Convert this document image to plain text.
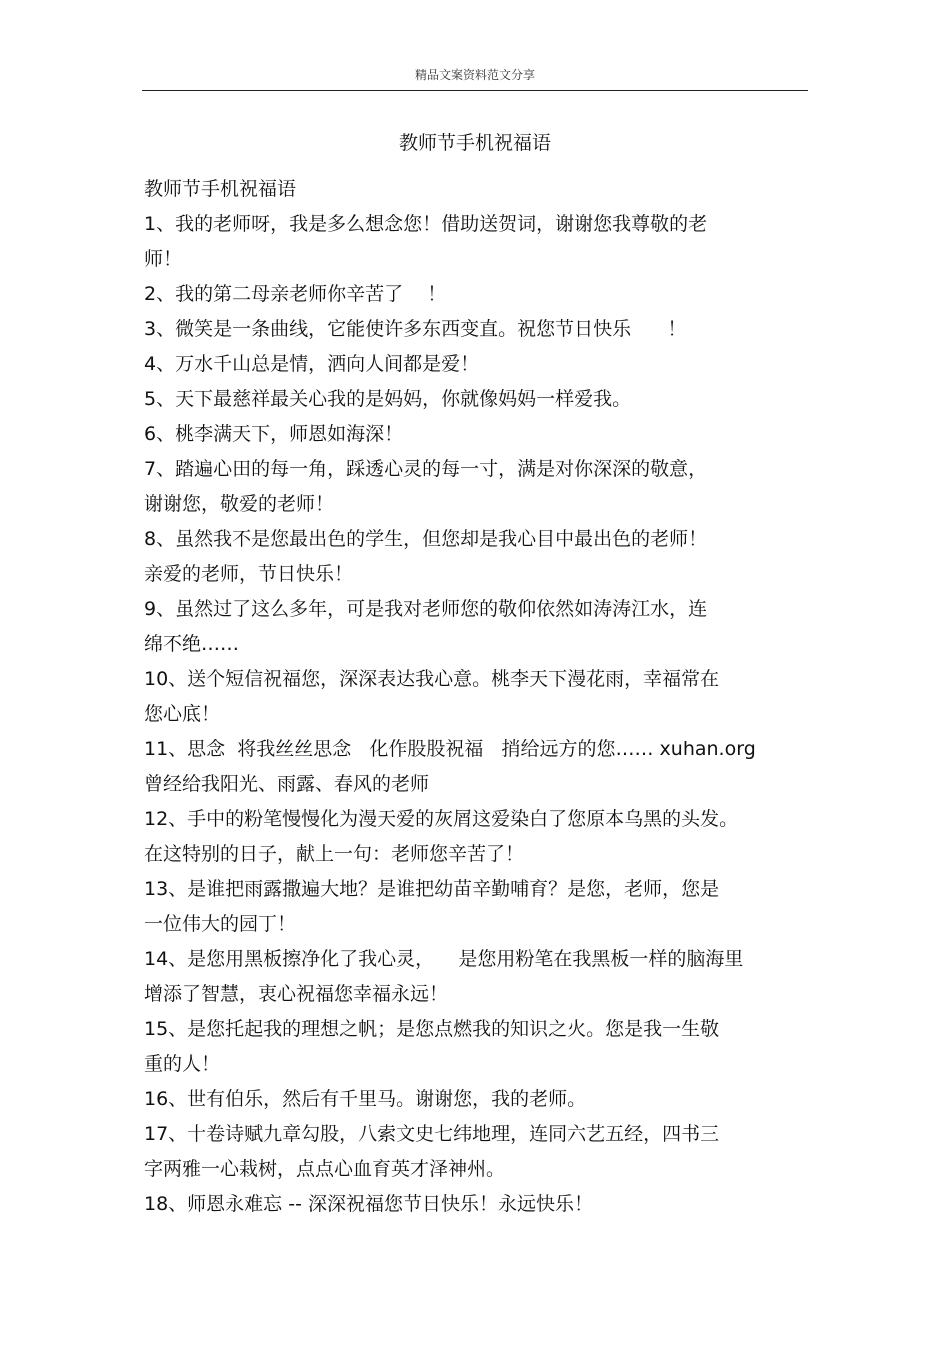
精品文案资料范文分享
教师节手机祝福语
教师节手机祝福语
1、我的老师呀，我是多么想念您！借助送贺词，谢谢您我尊敬的老
师！
2、我的第二母亲老师你辛苦了    ！
3、微笑是一条曲线，它能使许多东西变直。祝您节日快乐      ！
4、万水千山总是情，洒向人间都是爱！
5、天下最慈祥最关心我的是妈妈，你就像妈妈一样爱我。
6、桃李满天下，师恩如海深！
7、踏遍心田的每一角，踩透心灵的每一寸，满是对你深深的敬意，
谢谢您，敬爱的老师！
8、虽然我不是您最出色的学生，但您却是我心目中最出色的老师！
亲爱的老师，节日快乐！
9、虽然过了这么多年，可是我对老师您的敬仰依然如涛涛江水，连
绵不绝……
10、送个短信祝福您，深深表达我心意。桃李天下漫花雨，幸福常在
您心底！
11、思念  将我丝丝思念   化作股股祝福   捎给远方的您…… xuhan.org
曾经给我阳光、雨露、春风的老师
12、手中的粉笔慢慢化为漫天爱的灰屑这爱染白了您原本乌黑的头发。
在这特别的日子，献上一句：老师您辛苦了！
13、是谁把雨露撒遍大地？是谁把幼苗辛勤哺育？是您，老师，您是
一位伟大的园丁！
14、是您用黑板擦净化了我心灵，    是您用粉笔在我黑板一样的脑海里
增添了智慧，衷心祝福您幸福永远！
15、是您托起我的理想之帆；是您点燃我的知识之火。您是我一生敬
重的人！
16、世有伯乐，然后有千里马。谢谢您，我的老师。
17、十卷诗赋九章勾股，八索文史七纬地理，连同六艺五经，四书三
字两雅一心栽树，点点心血育英才泽神州。
18、师恩永难忘 -- 深深祝福您节日快乐！永远快乐！
